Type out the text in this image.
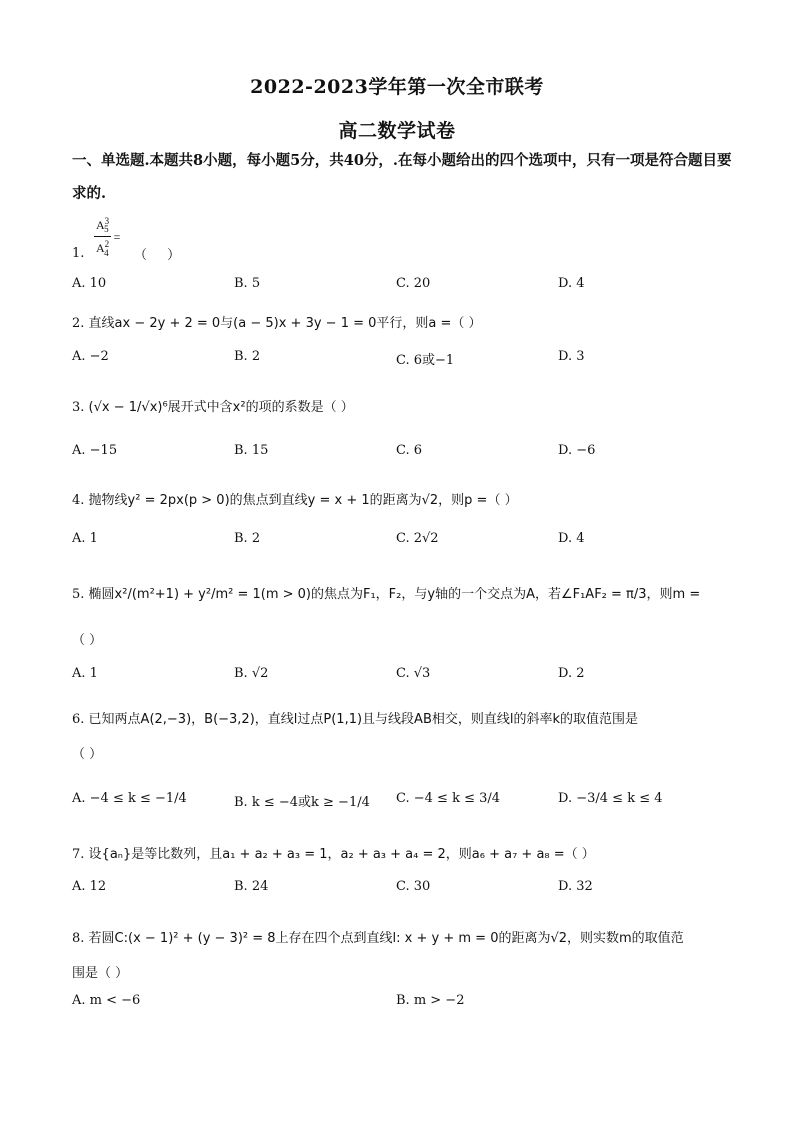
2022-2023学年第一次全市联考
高二数学试卷
一、单选题.本题共8小题，每小题5分，共40分，.在每小题给出的四个选项中，只有一项是符合题目要求的.
$\frac{A^3_5}{A^2_4}$ =
1.	（ ）
A. 10	B. 5	C. 20	D. 4
2. 直线ax − 2y + 2 = 0与(a − 5)x + 3y − 1 = 0平行，则a =（ ）
A. −2	B. 2	C. 6或−1	D. 3
3. (√x − 1/√x)⁶展开式中含x²的项的系数是（ ）
A. −15	B. 15	C. 6	D. −6
4. 抛物线y² = 2px(p > 0)的焦点到直线y = x + 1的距离为√2，则p =（ ）
A. 1	B. 2	C. 2√2	D. 4
5. 椭圆x²/(m²+1) + y²/m² = 1(m > 0)的焦点为F₁，F₂，与y轴的一个交点为A，若∠F₁AF₂ = π/3，则m =
（ ）
A. 1	B. √2	C. √3	D. 2
6. 已知两点A(2,−3)，B(−3,2)，直线l过点P(1,1)且与线段AB相交，则直线l的斜率k的取值范围是
（ ）
A. −4 ≤ k ≤ −1/4	B. k ≤ −4或k ≥ −1/4 C. −4 ≤ k ≤ 3/4	D. −3/4 ≤ k ≤ 4
7. 设{aₙ}是等比数列，且a₁ + a₂ + a₃ = 1，a₂ + a₃ + a₄ = 2，则a₆ + a₇ + a₈ =（ ）
A. 12	B. 24	C. 30	D. 32
8. 若圆C:(x − 1)² + (y − 3)² = 8上存在四个点到直线l: x + y + m = 0的距离为√2，则实数m的取值范
围是（ ）
A. m < −6	B. m > −2
